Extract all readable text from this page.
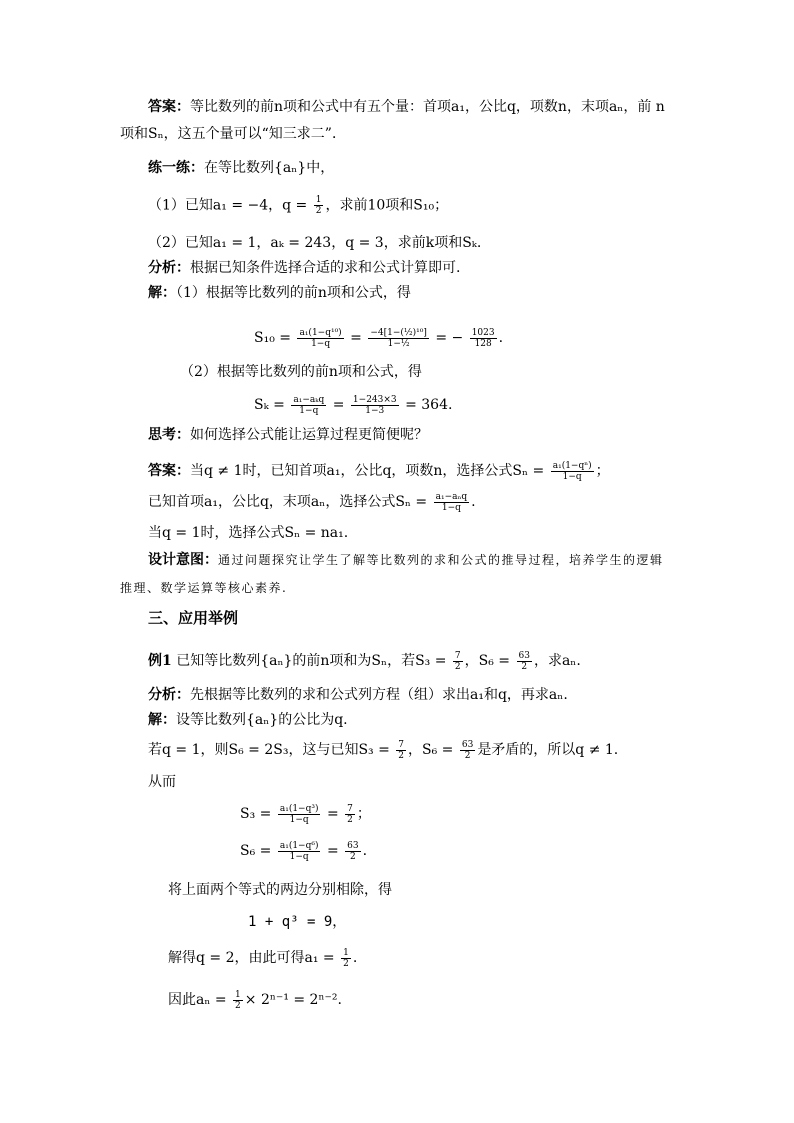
答案：等比数列的前n项和公式中有五个量：首项a₁，公比q，项数n，末项aₙ，前 n
项和Sₙ，这五个量可以“知三求二”．
练一练：在等比数列{aₙ}中，
（1）已知a₁ = −4，$q = \frac{1}{2}$ ，求前10项和S₁₀；
（2）已知a₁ = 1，aₖ = 243，q = 3，求前k项和Sₖ.
分析：根据已知条件选择合适的求和公式计算即可.
解：（1）根据等比数列的前n项和公式，得
$S_{10} = \frac{\text{a₁(1−q¹⁰)}}{1-q} = \frac{\text{−4[1−(½)¹⁰]}}{\text{1−½}}$ = − $\frac{1023}{128}$ .
（2）根据等比数列的前n项和公式，得
$S_k = \frac{\text{a₁−aₖq}}{1-q} = \frac{1-243\times 3}{1-3} = 364$.
思考：如何选择公式能让运算过程更简便呢？
答案：当q ≠ 1时，已知首项a₁，公比q，项数n，选择公式$S_n = \frac{\text{a₁(1−qⁿ)}}{1-q}$ ；
已知首项a₁，公比q，末项aₙ，选择公式$S_n = \frac{\text{a₁−aₙq}}{1-q}$ .
当q = 1时，选择公式Sₙ = na₁.
设计意图：通过问题探究让学生了解等比数列的求和公式的推导过程，培养学生的逻辑
推理、数学运算等核心素养.
三、应用举例
例1 已知等比数列{aₙ}的前n项和为Sₙ，若$S_3 = \frac{7}{2}$ ，$S_6 = \frac{63}{2}$ ，求aₙ.
分析：先根据等比数列的求和公式列方程（组）求出a₁和q，再求aₙ.
解：设等比数列{aₙ}的公比为q.
若q = 1，则S₆ = 2S₃，这与已知$S_3 = \frac{7}{2}$ ，$S_6 = \frac{63}{2}$ 是矛盾的，所以q ≠ 1.
从而
$S_3 = \frac{\text{a₁(1−q³)}}{1-q} = \frac{7}{2}$ ；
$S_6 = \frac{\text{a₁(1−q⁶)}}{1-q} = \frac{63}{2}$ .
将上面两个等式的两边分别相除，得
1 + q³ = 9，
解得q = 2，由此可得$a_1 = \frac{1}{2}$ .
因此$a_n = \frac{1}{2} \times 2^{n-1} = 2^{n-2}$.
